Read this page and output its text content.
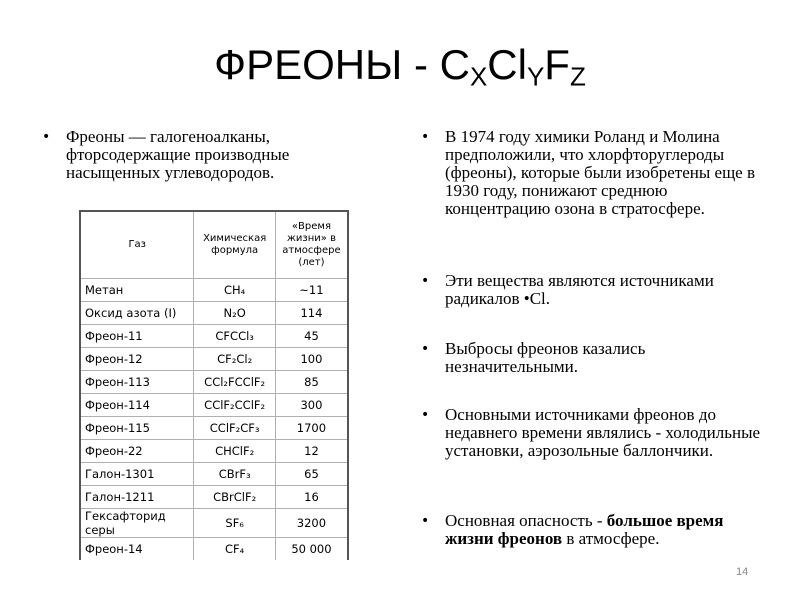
ФРЕОНЫ - $C_XCl_YF_Z$
• Фреоны — галогеноалканы, фторсодержащие производные насыщенных углеводородов.
Газ	Химическая формула	«Время жизни» в атмосфере (лет)
Метан	CH₄	~11
Оксид азота (I)	N₂O	114
Фреон-11	CFCCl₃	45
Фреон-12	CF₂Cl₂	100
Фреон-113	CCl₂FCClF₂	85
Фреон-114	CClF₂CClF₂	300
Фреон-115	CClF₂CF₃	1700
Фреон-22	CHClF₂	12
Галон-1301	CBrF₃	65
Галон-1211	CBrClF₂	16
Гексафторид серы	SF₆	3200
Фреон-14	CF₄	50 000
• В 1974 году химики Роланд и Молина предположили, что хлорфторуглероды (фреоны), которые были изобретены еще в 1930 году, понижают среднюю концентрацию озона в стратосфере.
• Эти вещества являются источниками радикалов •Cl.
• Выбросы фреонов казались незначительными.
• Основными источниками фреонов до недавнего времени являлись - холодильные установки, аэрозольные баллончики.
• Основная опасность - большое время жизни фреонов в атмосфере.
14
